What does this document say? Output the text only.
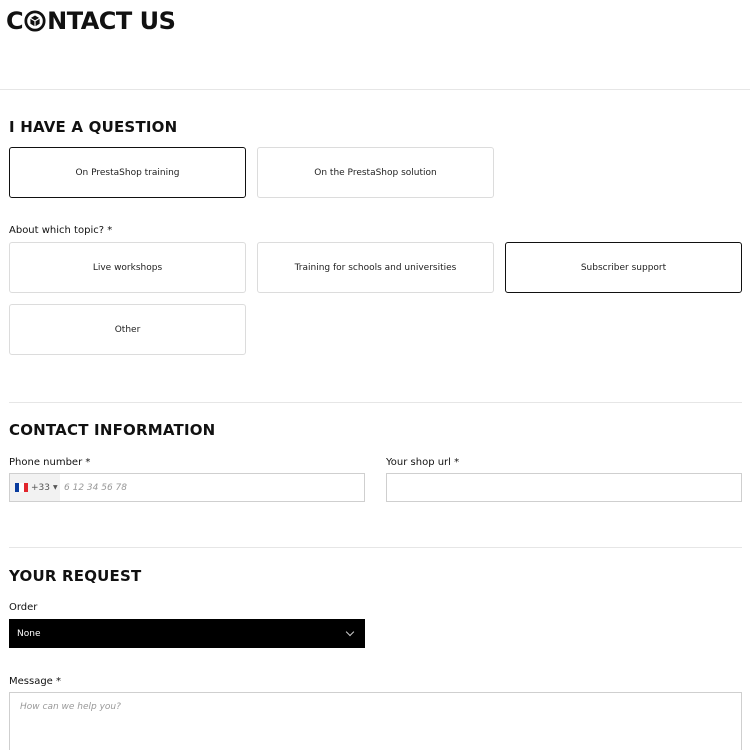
C NTACT US
I HAVE A QUESTION
On PrestaShop training	On the PrestaShop solution
About which topic? *
Live workshops	Training for schools and universities	Subscriber support
Other
CONTACT INFORMATION
Phone number *	Your shop url *
+33 ▼
6 12 34 56 78
YOUR REQUEST
Order
None
Message *
How can we help you?
